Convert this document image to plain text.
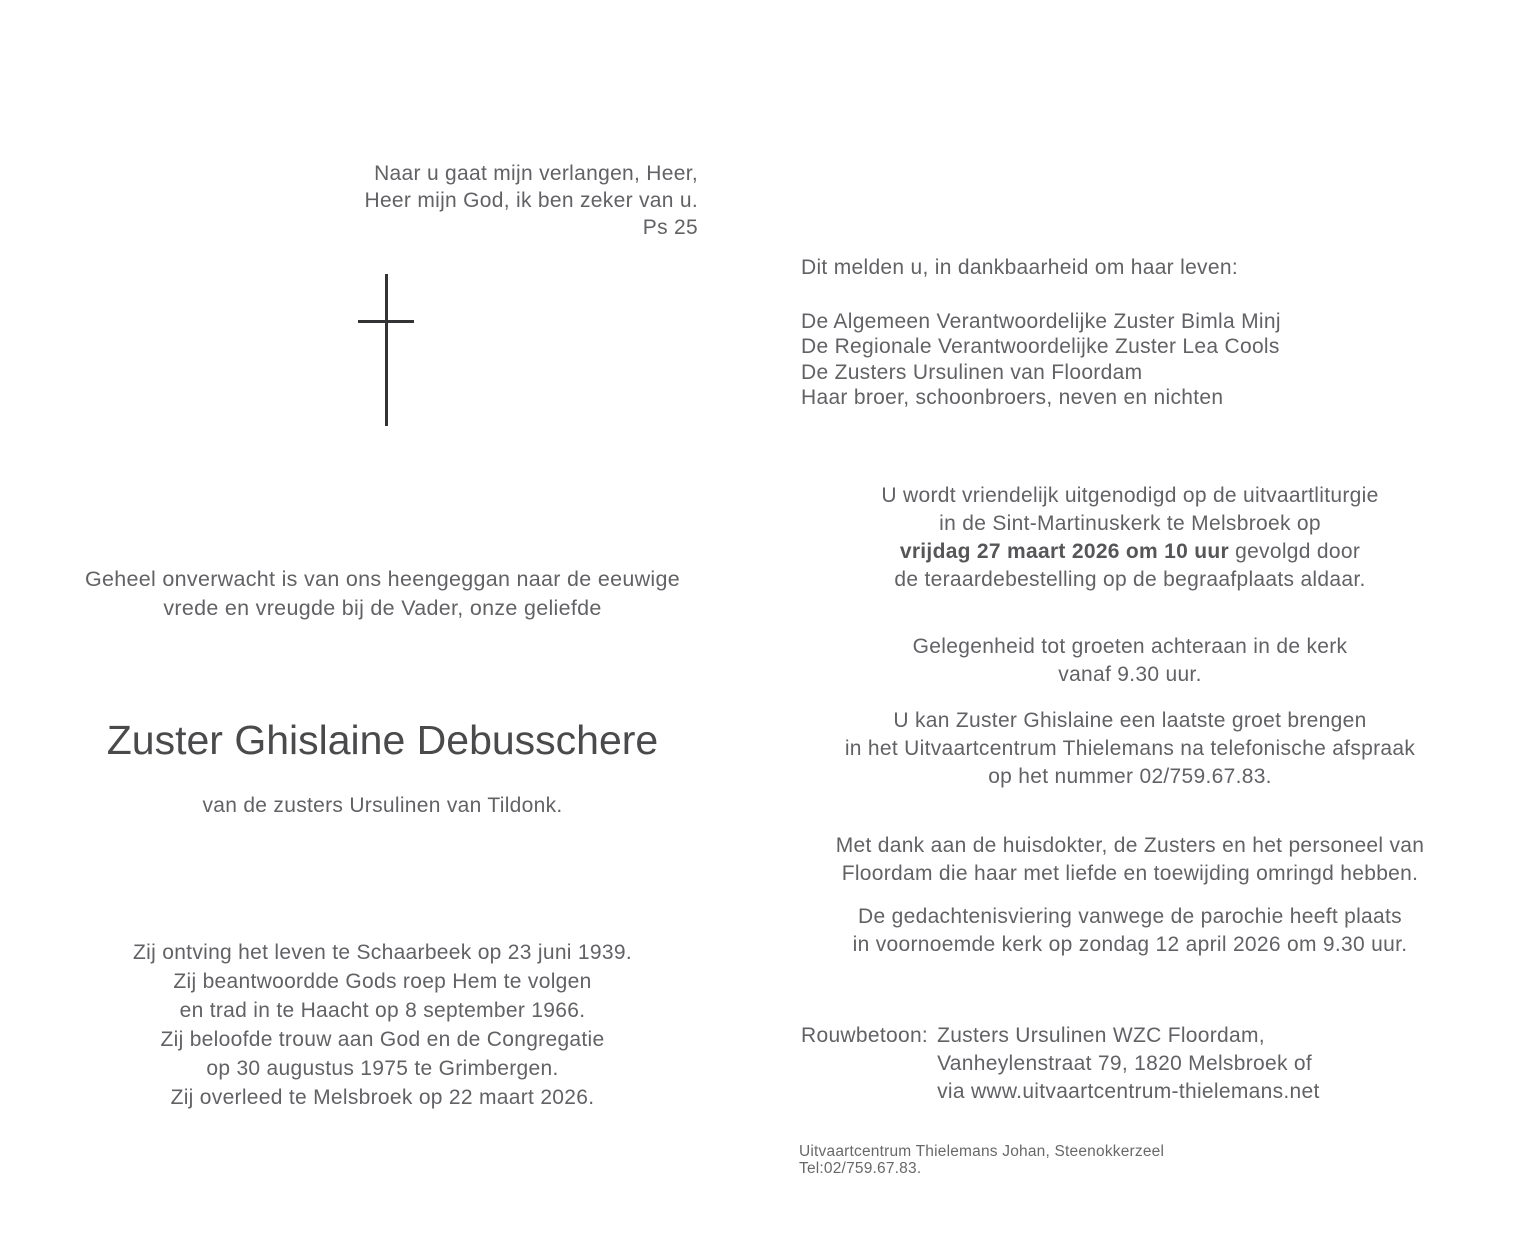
Naar u gaat mijn verlangen, Heer,
Heer mijn God, ik ben zeker van u.
Ps 25
Geheel onverwacht is van ons heengeggan naar de eeuwige
vrede en vreugde bij de Vader, onze geliefde
Zuster Ghislaine Debusschere
van de zusters Ursulinen van Tildonk.
Zij ontving het leven te Schaarbeek op 23 juni 1939.
Zij beantwoordde Gods roep Hem te volgen
en trad in te Haacht op 8 september 1966.
Zij beloofde trouw aan God en de Congregatie
op 30 augustus 1975 te Grimbergen.
Zij overleed te Melsbroek op 22 maart 2026.
Dit melden u, in dankbaarheid om haar leven:
De Algemeen Verantwoordelijke Zuster Bimla Minj
De Regionale Verantwoordelijke Zuster Lea Cools
De Zusters Ursulinen van Floordam
Haar broer, schoonbroers, neven en nichten
U wordt vriendelijk uitgenodigd op de uitvaartliturgie
in de Sint-Martinuskerk te Melsbroek op
vrijdag 27 maart 2026 om 10 uur gevolgd door
de teraardebestelling op de begraafplaats aldaar.
Gelegenheid tot groeten achteraan in de kerk
vanaf 9.30 uur.
U kan Zuster Ghislaine een laatste groet brengen
in het Uitvaartcentrum Thielemans na telefonische afspraak
op het nummer 02/759.67.83.
Met dank aan de huisdokter, de Zusters en het personeel van
Floordam die haar met liefde en toewijding omringd hebben.
De gedachtenisviering vanwege de parochie heeft plaats
in voornoemde kerk op zondag 12 april 2026 om 9.30 uur.
Rouwbetoon: Zusters Ursulinen WZC Floordam,
Vanheylenstraat 79, 1820 Melsbroek of
via www.uitvaartcentrum-thielemans.net
Uitvaartcentrum Thielemans Johan, Steenokkerzeel
Tel:02/759.67.83.
